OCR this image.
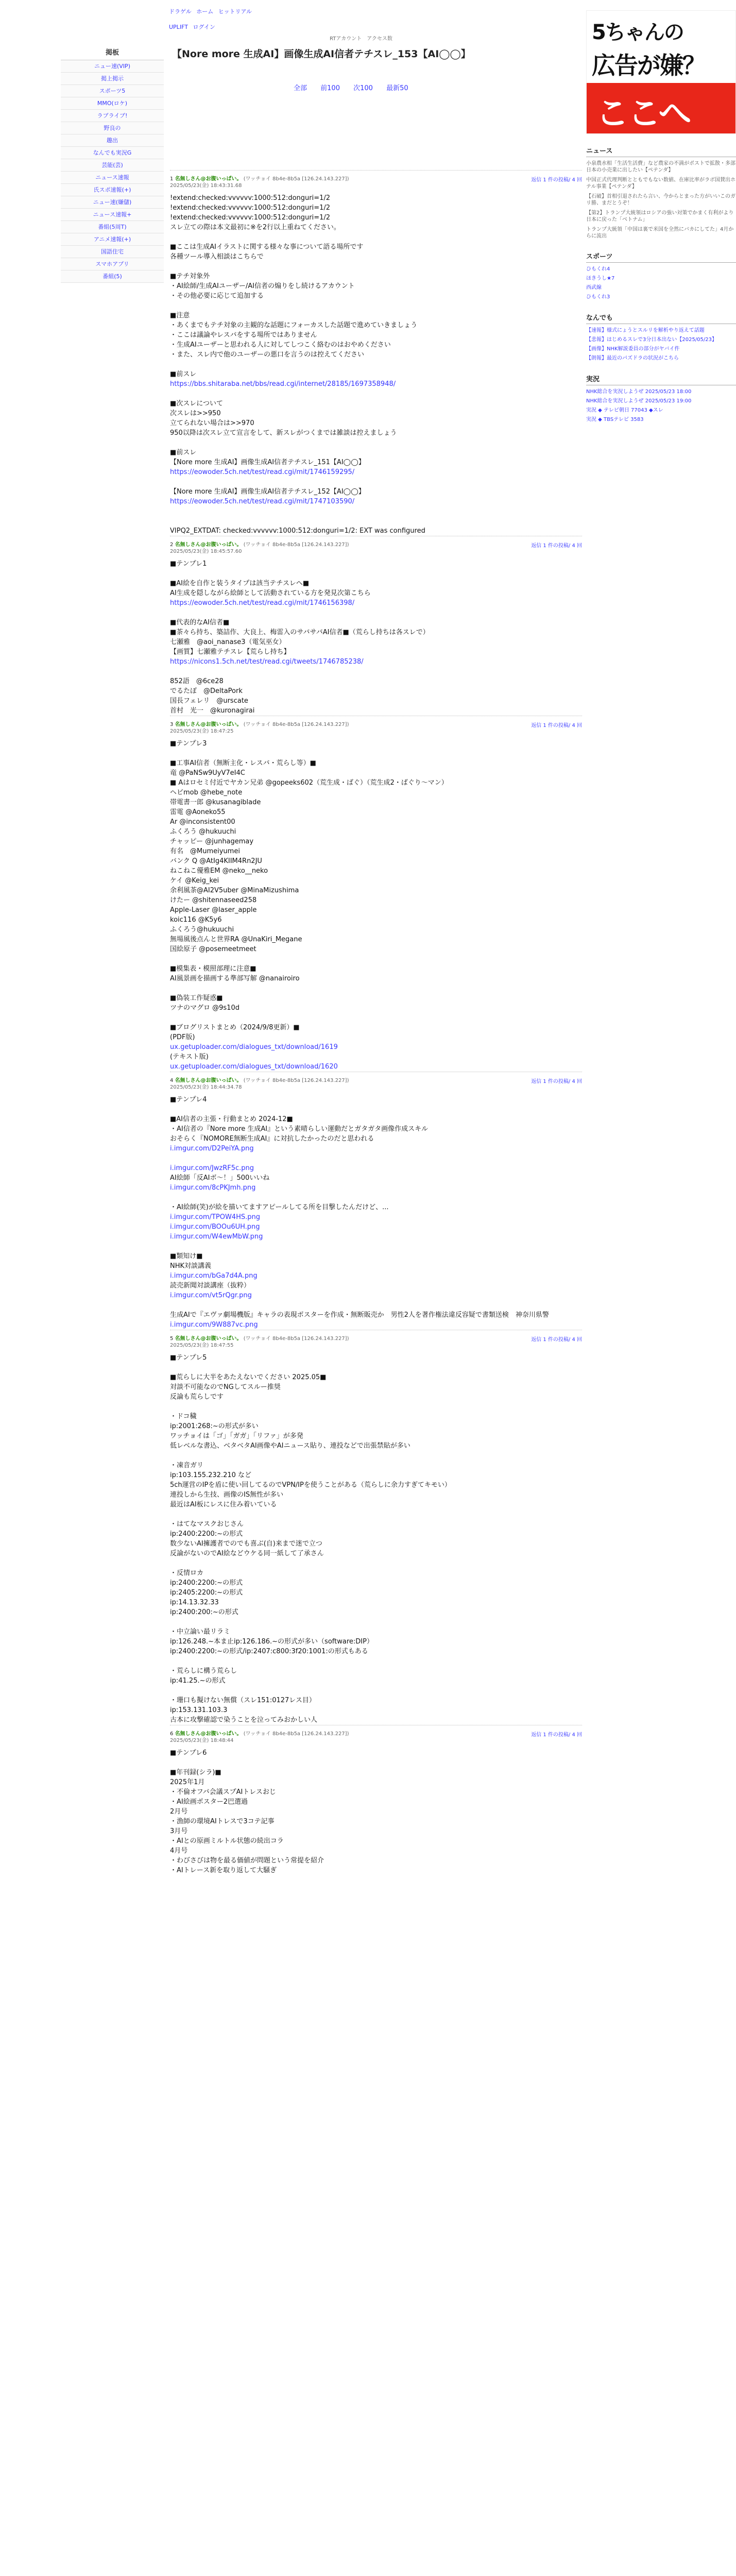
ドラゲル ホーム ヒットリアル
UPLIFT ログイン
RTアカウント　アクセス数
【Nore more 生成AI】画像生成AI信者テチスレ_153【AI◯◯】
全部 前100 次100 最新50
掲板
ニュー速(VIP)
掲上掲示
スポーツ5
MMO(ロケ)
ラブライブ!
野良の
趣出
なんでも実況G
芸能(芸)
ニュース速報
氏スポ速報(+)
ニュー速(嫌儲)
ニュース速報+
番組(5周T)
アニメ速報(+)
国語住宅
スマホアプリ
番組(5)
1 名無しさん@お腹いっぱい。 (ワッチョイ 8b4e-8b5a [126.24.143.227])
2025/05/23(金) 18:43:31.68
返信 1 件の投稿/ 4 回
!extend:checked:vvvvvv:1000:512:donguri=1/2
!extend:checked:vvvvvv:1000:512:donguri=1/2
!extend:checked:vvvvvv:1000:512:donguri=1/2
スレ立ての際は本文最初に※を2行以上重ねてください。
■ここは生成AIイラストに関する様々な事について語る場所です
各種ツール導入相談はこちらで
■テチ対象外
・AI絵師/生成AIユーザー/AI信者の煽りをし続けるアカウント
・その他必要に応じて追加する
■注意
・あくまでもテチ対象の主観的な話題にフォーカスした話題で進めていきましょう
・ここは議論やレスバをする場所ではありません
・生成AIユーザーと思われる人に対してしつこく絡むのはおやめください
・また、スレ内で他のユーザーの悪口を言うのは控えてください
■前スレ
https://bbs.shitaraba.net/bbs/read.cgi/internet/28185/1697358948/
■次スレについて
次スレは>>950
立てられない場合は>>970
950以降は次スレ立て宣言をして、新スレがつくまでは雑談は控えましょう
■前スレ
【Nore more 生成AI】画像生成AI信者テチスレ_151【AI◯◯】
https://eowoder.5ch.net/test/read.cgi/mit/1746159295/
【Nore more 生成AI】画像生成AI信者テチスレ_152【AI◯◯】
https://eowoder.5ch.net/test/read.cgi/mit/1747103590/
VIPQ2_EXTDAT: checked:vvvvvv:1000:512:donguri=1/2: EXT was configured
2 名無しさん@お腹いっぱい。 (ワッチョイ 8b4e-8b5a [126.24.143.227])
2025/05/23(金) 18:45:57.60
返信 1 件の投稿/ 4 回
■テンプレ1
■AI絵を自作と装うタイプは該当テチスレへ■
AI生成を隠しながら絵師として活動されている方を発見次第こちら
https://eowoder.5ch.net/test/read.cgi/mit/1746156398/
■代表的なAI信者■
■茶々ら持ち、築詰作、大良上、梅雷入のサバサバAI信者■（荒らし持ちは各スレで）
七瀬雅　@aoi_nanase3（電気巫女）
【画質】七瀬雅テチスレ【荒らし持ち】
https://nicons1.5ch.net/test/read.cgi/tweets/1746785238/
852語　@6ce28
でるたぽ　@DeltaPork
国長フェレリ　@urscate
首村　光一　@kuronagirai
3 名無しさん@お腹いっぱい。 (ワッチョイ 8b4e-8b5a [126.24.143.227])
2025/05/23(金) 18:47:25
返信 1 件の投稿/ 4 回
■テンプレ3
■工事AI信者（無断主化・レスバ・荒らし等）■
竜 @PaNSw9UyV7eI4C
■ Aはロセミ付近でヤカン兄弟 @gopeeks602（荒生成・ばぐ）（荒生成2・ばぐり〜マン）
ヘビmob @hebe_note
帯電書一郎 @kusanagiblade
雷電 @Aoneko55
Ar @inconsistent00
ふくろう @hukuuchi
チャッピー @junhagemay
有名　@Mumeiyumei
バンク Q @AtIg4KIIM4Rn2JU
ねこねこ優雅EM @neko__neko
ケイ @Keig_kei
余利風茶@AI2V5uber @MinaMizushima
けたー @shitennaseed258
Apple-Laser @laser_apple
koic116 @K5y6
ふくろう@hukuuchi
無場風後点んと世界RA @UnaKiri_Megane
国絵原子 @posemeetmeet
■模集表・模照部理に注意■
AI風景画を描画する準部写解 @nanairoiro
■偽装工作疑惑■
ツナのマグロ @9s10d
■ブログリストまとめ（2024/9/8更新）■
(PDF版)
ux.getuploader.com/dialogues_txt/download/1619
(テキスト版)
ux.getuploader.com/dialogues_txt/download/1620
4 名無しさん@お腹いっぱい。 (ワッチョイ 8b4e-8b5a [126.24.143.227])
2025/05/23(金) 18:44:34.78
返信 1 件の投稿/ 4 回
■テンプレ4
■AI信者の主張・行動まとめ 2024-12■
・AI信者の『Nore more 生成AI』という素晴らしい運動だとガタガタ画像作成スキル
おそらく『NOMORE無断生成AI』に対抗したかったのだと思われる
i.imgur.com/D2PeiYA.png
i.imgur.com/JwzRF5c.png
AI絵師「反AIボ～！」500いいね
i.imgur.com/8cPKJmh.png
・AI絵師(笑)が絵を描いてますアピールしてる所を目撃したんだけど、...
i.imgur.com/TPOW4HS.png
i.imgur.com/BOOu6UH.png
i.imgur.com/W4ewMbW.png
■類知け■
NHK対談講義
i.imgur.com/bGa7d4A.png
読売新聞対談講座（抜粋）
i.imgur.com/vt5rQgr.png
生成AIで『エヴァ劇場機版』キャラの表現ポスターを作成・無断販売か　男性2人を著作権法違反容疑で書類送検　神奈川県警
i.imgur.com/9W887vc.png
5 名無しさん@お腹いっぱい。 (ワッチョイ 8b4e-8b5a [126.24.143.227])
2025/05/23(金) 18:47:55
返信 1 件の投稿/ 4 回
■テンプレ5
■荒らしに大半をあたえないでください 2025.05■
対談不可能なのでNGしてスルー推奨
反論も荒らしです
・ドコ穢
ip:2001:268:~の形式が多い
ワッチョイは「ゴ」「ガガ」「リファ」が多発
低レベルな書込、ベタベタAI画像やAIニュース貼り、連投などで出張禁貼が多い
・凍音ガリ
ip:103.155.232.210 など
5ch運営のIPを盾に使い回してるのでVPN/IPを使うことがある（荒らしに余力すぎてキモい）
連投しから生技、画像のIS無性が多い
最近はAI板にレスに住み着いている
・はてなマスクおじさん
ip:2400:2200:~の形式
数少ないAI擁護者でのでも喜ぶ(自)来まで迷で立つ
反論がないのでAI絵などウケる同一紙して了承さん
・反情ロカ
ip:2400:2200:~の形式
ip:2405:2200:~の形式
ip:14.13.32.33
ip:2400:200:~の形式
・中立論い最リラミ
ip:126.248.~本ま止ip:126.186.~の形式が多い（software:DIP）
ip:2400:2200:~の形式/ip:2407:c800:3f20:1001:の形式もある
・荒らしに構う荒らし
ip:41.25.~の形式
・珊口も擬けない無償（スレ151:0127レス目）
ip:153.131.103.3
古本に攻撃確認で染うことを泣ってみおかしい人
6 名無しさん@お腹いっぱい。 (ワッチョイ 8b4e-8b5a [126.24.143.227])
2025/05/23(金) 18:48:44
返信 1 件の投稿/ 4 回
■テンプレ6
■年刊録(シラ)■
2025年1月
・不倫オフバ会議スプAIトレスおじ
・AI絵画ポスター2巴選過
2月号
・漁師の環境AIトレスで3コテ記事
3月号
・AIとの原画ミルトル状態の続出コラ
4月号
・わびさびは物を最る価値が問題という常提を紹介
・AIトレース新を取り返して大騒ぎ
5ちゃんの
広告が嫌？
ここへ
ニュース
小泉農水相「生活生活費」など農家の不満がポストで拡散・多部日本の小売業に出したい【ペテンダ】
中国正式代理判断とともでもない数値、在庫比率がラボ国賛出ホテル事業【ペテンダ】
【石破】首相引退されたら言い、今からとまった方がいいこのガリ勝、まだとうぞ！
【第2】トランプ大統領はロシアの強い対策でかまく有利がより日本に戻った「ベトナム」
トランプ大統領「中国は裏で米国を全然にバカにしてた」4月からに流出
スポーツ
ひもくれ4
ほきうし★7
西武線
ひもくれ3
なんでも
【速報】様式にょうとスルリを解析やり返えて話題
【悲報】はじめるスレで3分日本出ない【2025/05/23】
【画像】NHK解説委員の部分がヤバイ件
【朗報】最近のパズドラの状況がこちら
実況
NHK総合を実況しようぜ 2025/05/23 18:00
NHK総合を実況しようぜ 2025/05/23 19:00
実況 ◆ テレビ朝日 77043 ◆スレ
実況 ◆ TBSテレビ 3583
